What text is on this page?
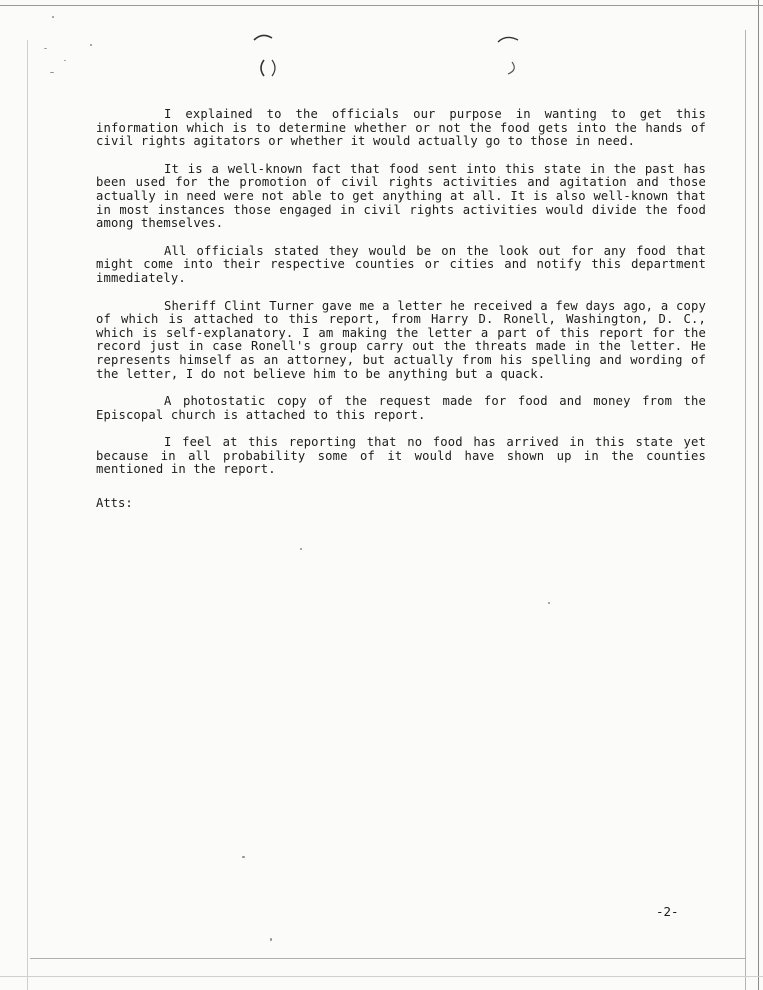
I explained to the officials our purpose in wanting to get this information which is to determine whether or not the food gets into the hands of civil rights agitators or whether it would actually go to those in need.

It is a well-known fact that food sent into this state in the past has been used for the promotion of civil rights activities and agitation and those actually in need were not able to get anything at all. It is also well-known that in most instances those engaged in civil rights activities would divide the food among themselves.

All officials stated they would be on the look out for any food that might come into their respective counties or cities and notify this department immediately.

Sheriff Clint Turner gave me a letter he received a few days ago, a copy of which is attached to this report, from Harry D. Ronell, Washington, D. C., which is self-explanatory. I am making the letter a part of this report for the record just in case Ronell's group carry out the threats made in the letter. He represents himself as an attorney, but actually from his spelling and wording of the letter, I do not believe him to be anything but a quack.

A photostatic copy of the request made for food and money from the Episcopal church is attached to this report.

I feel at this reporting that no food has arrived in this state yet because in all probability some of it would have shown up in the counties mentioned in the report.

Atts:
-2-
